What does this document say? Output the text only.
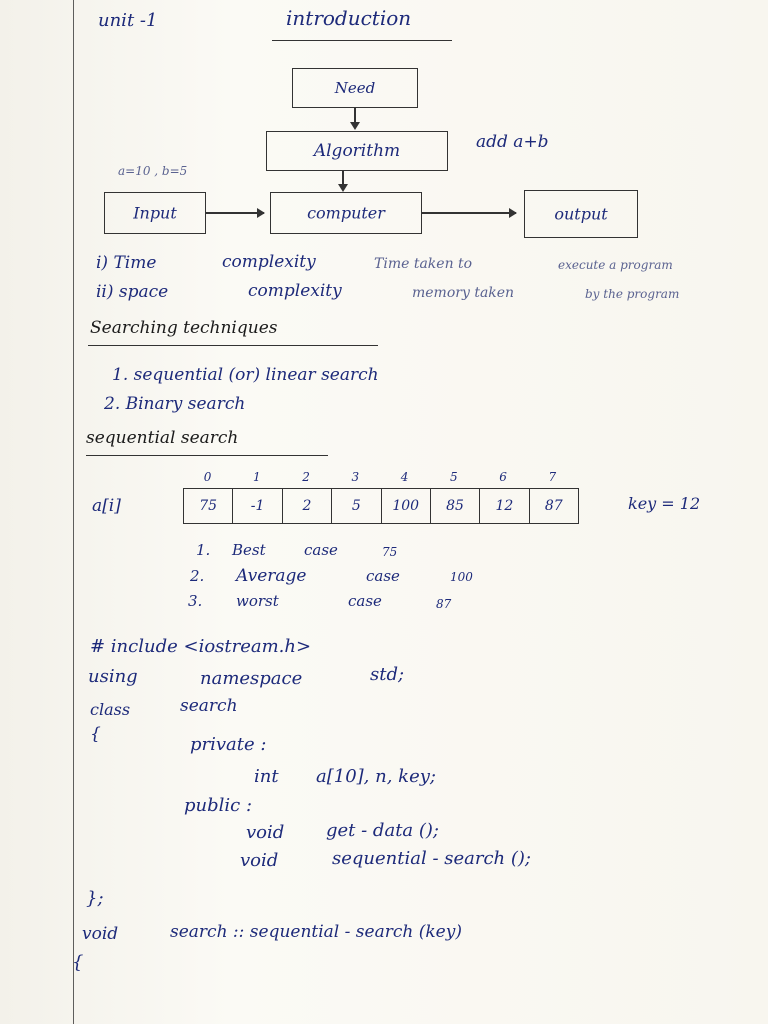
unit -1	introduction
Need
Algorithm	add a+b
a=10 , b=5
Input	computer	output
i) Time	complexity	Time taken to	execute a program
ii) space	complexity	memory taken	by the program
Searching techniques
1. sequential (or) linear search
2. Binary search
sequential search
a[i]
0	1	2	3	4	5	6	7
75	-1	2	5	100	85	12	87	key = 12
1. Best	case	75
2. Average	case	100
3. worst	case	87
# include <iostream.h>
using	namespace	std;
class	search
{	private :
int a[10], n, key;
public :
void get - data ();
void	sequential - search ();
};
void	search :: sequential - search (key)
{
